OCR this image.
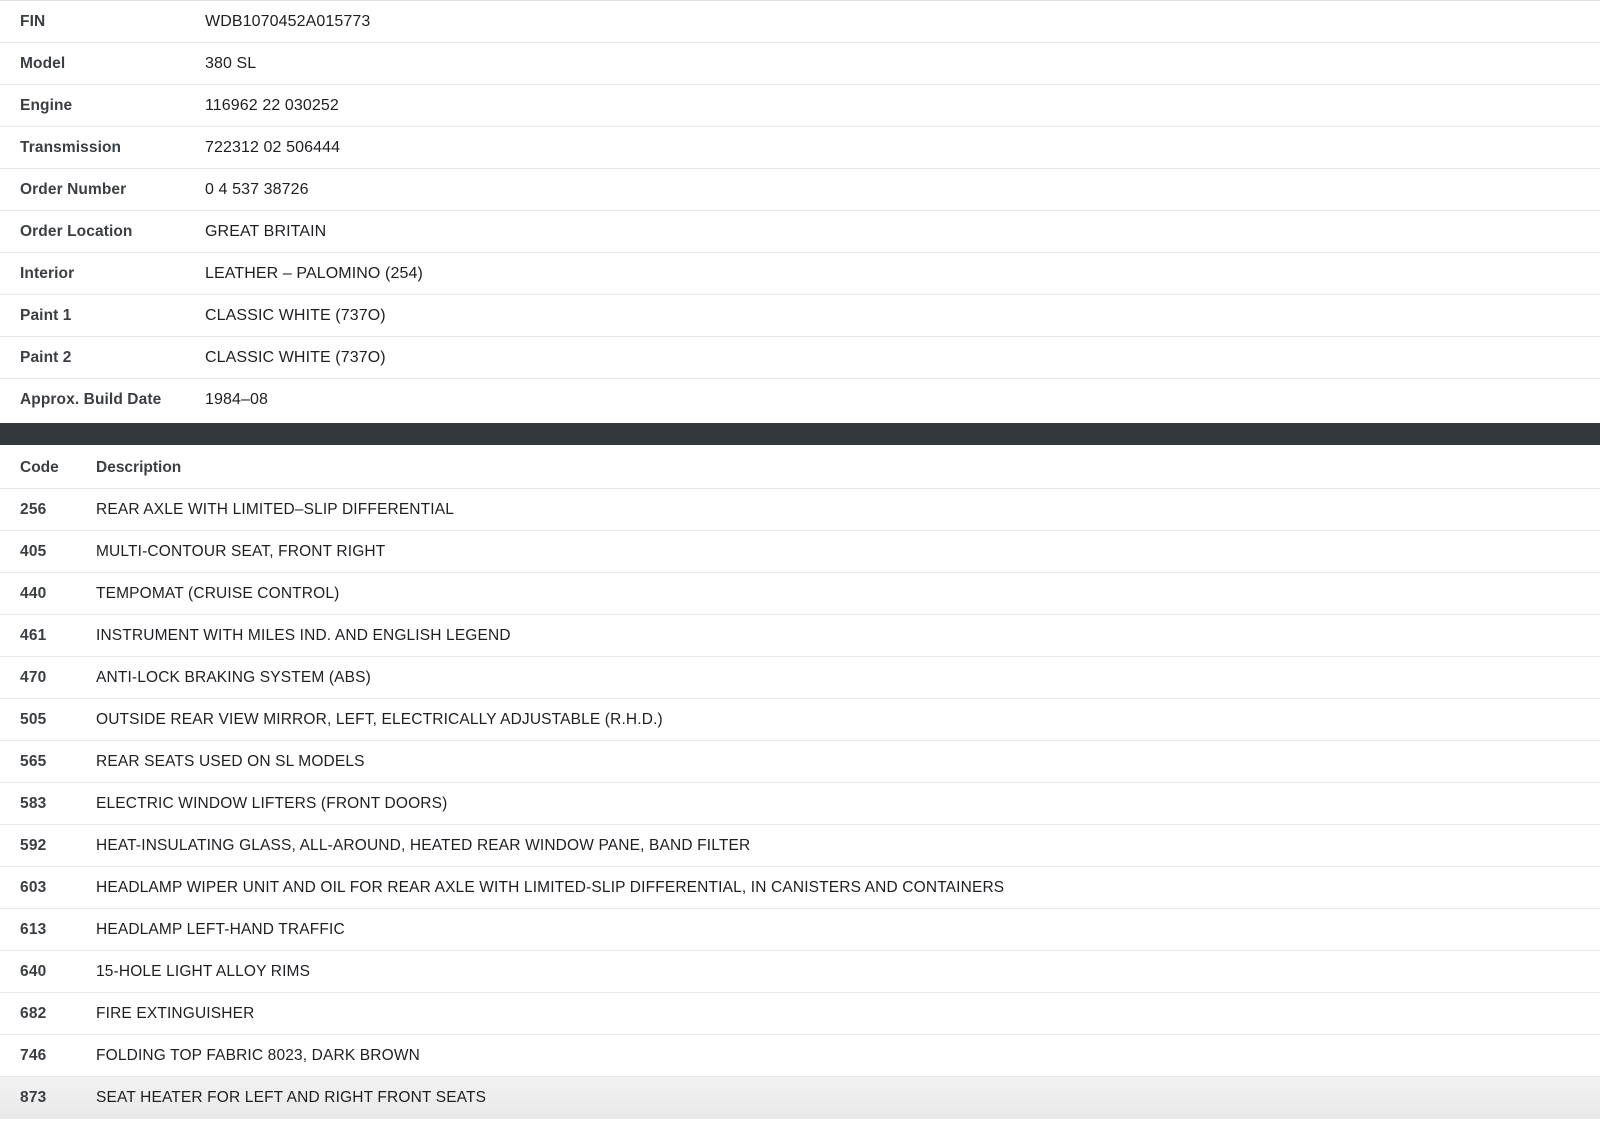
FIN	WDB1070452A015773
Model	380 SL
Engine	116962 22 030252
Transmission	722312 02 506444
Order Number	0 4 537 38726
Order Location	GREAT BRITAIN
Interior	LEATHER – PALOMINO (254)
Paint 1	CLASSIC WHITE (737O)
Paint 2	CLASSIC WHITE (737O)
Approx. Build Date	1984–08
Code	Description
256	REAR AXLE WITH LIMITED–SLIP DIFFERENTIAL
405	MULTI-CONTOUR SEAT, FRONT RIGHT
440	TEMPOMAT (CRUISE CONTROL)
461	INSTRUMENT WITH MILES IND. AND ENGLISH LEGEND
470	ANTI-LOCK BRAKING SYSTEM (ABS)
505	OUTSIDE REAR VIEW MIRROR, LEFT, ELECTRICALLY ADJUSTABLE (R.H.D.)
565	REAR SEATS USED ON SL MODELS
583	ELECTRIC WINDOW LIFTERS (FRONT DOORS)
592	HEAT-INSULATING GLASS, ALL-AROUND, HEATED REAR WINDOW PANE, BAND FILTER
603	HEADLAMP WIPER UNIT AND OIL FOR REAR AXLE WITH LIMITED-SLIP DIFFERENTIAL, IN CANISTERS AND CONTAINERS
613	HEADLAMP LEFT-HAND TRAFFIC
640	15-HOLE LIGHT ALLOY RIMS
682	FIRE EXTINGUISHER
746	FOLDING TOP FABRIC 8023, DARK BROWN
873	SEAT HEATER FOR LEFT AND RIGHT FRONT SEATS
